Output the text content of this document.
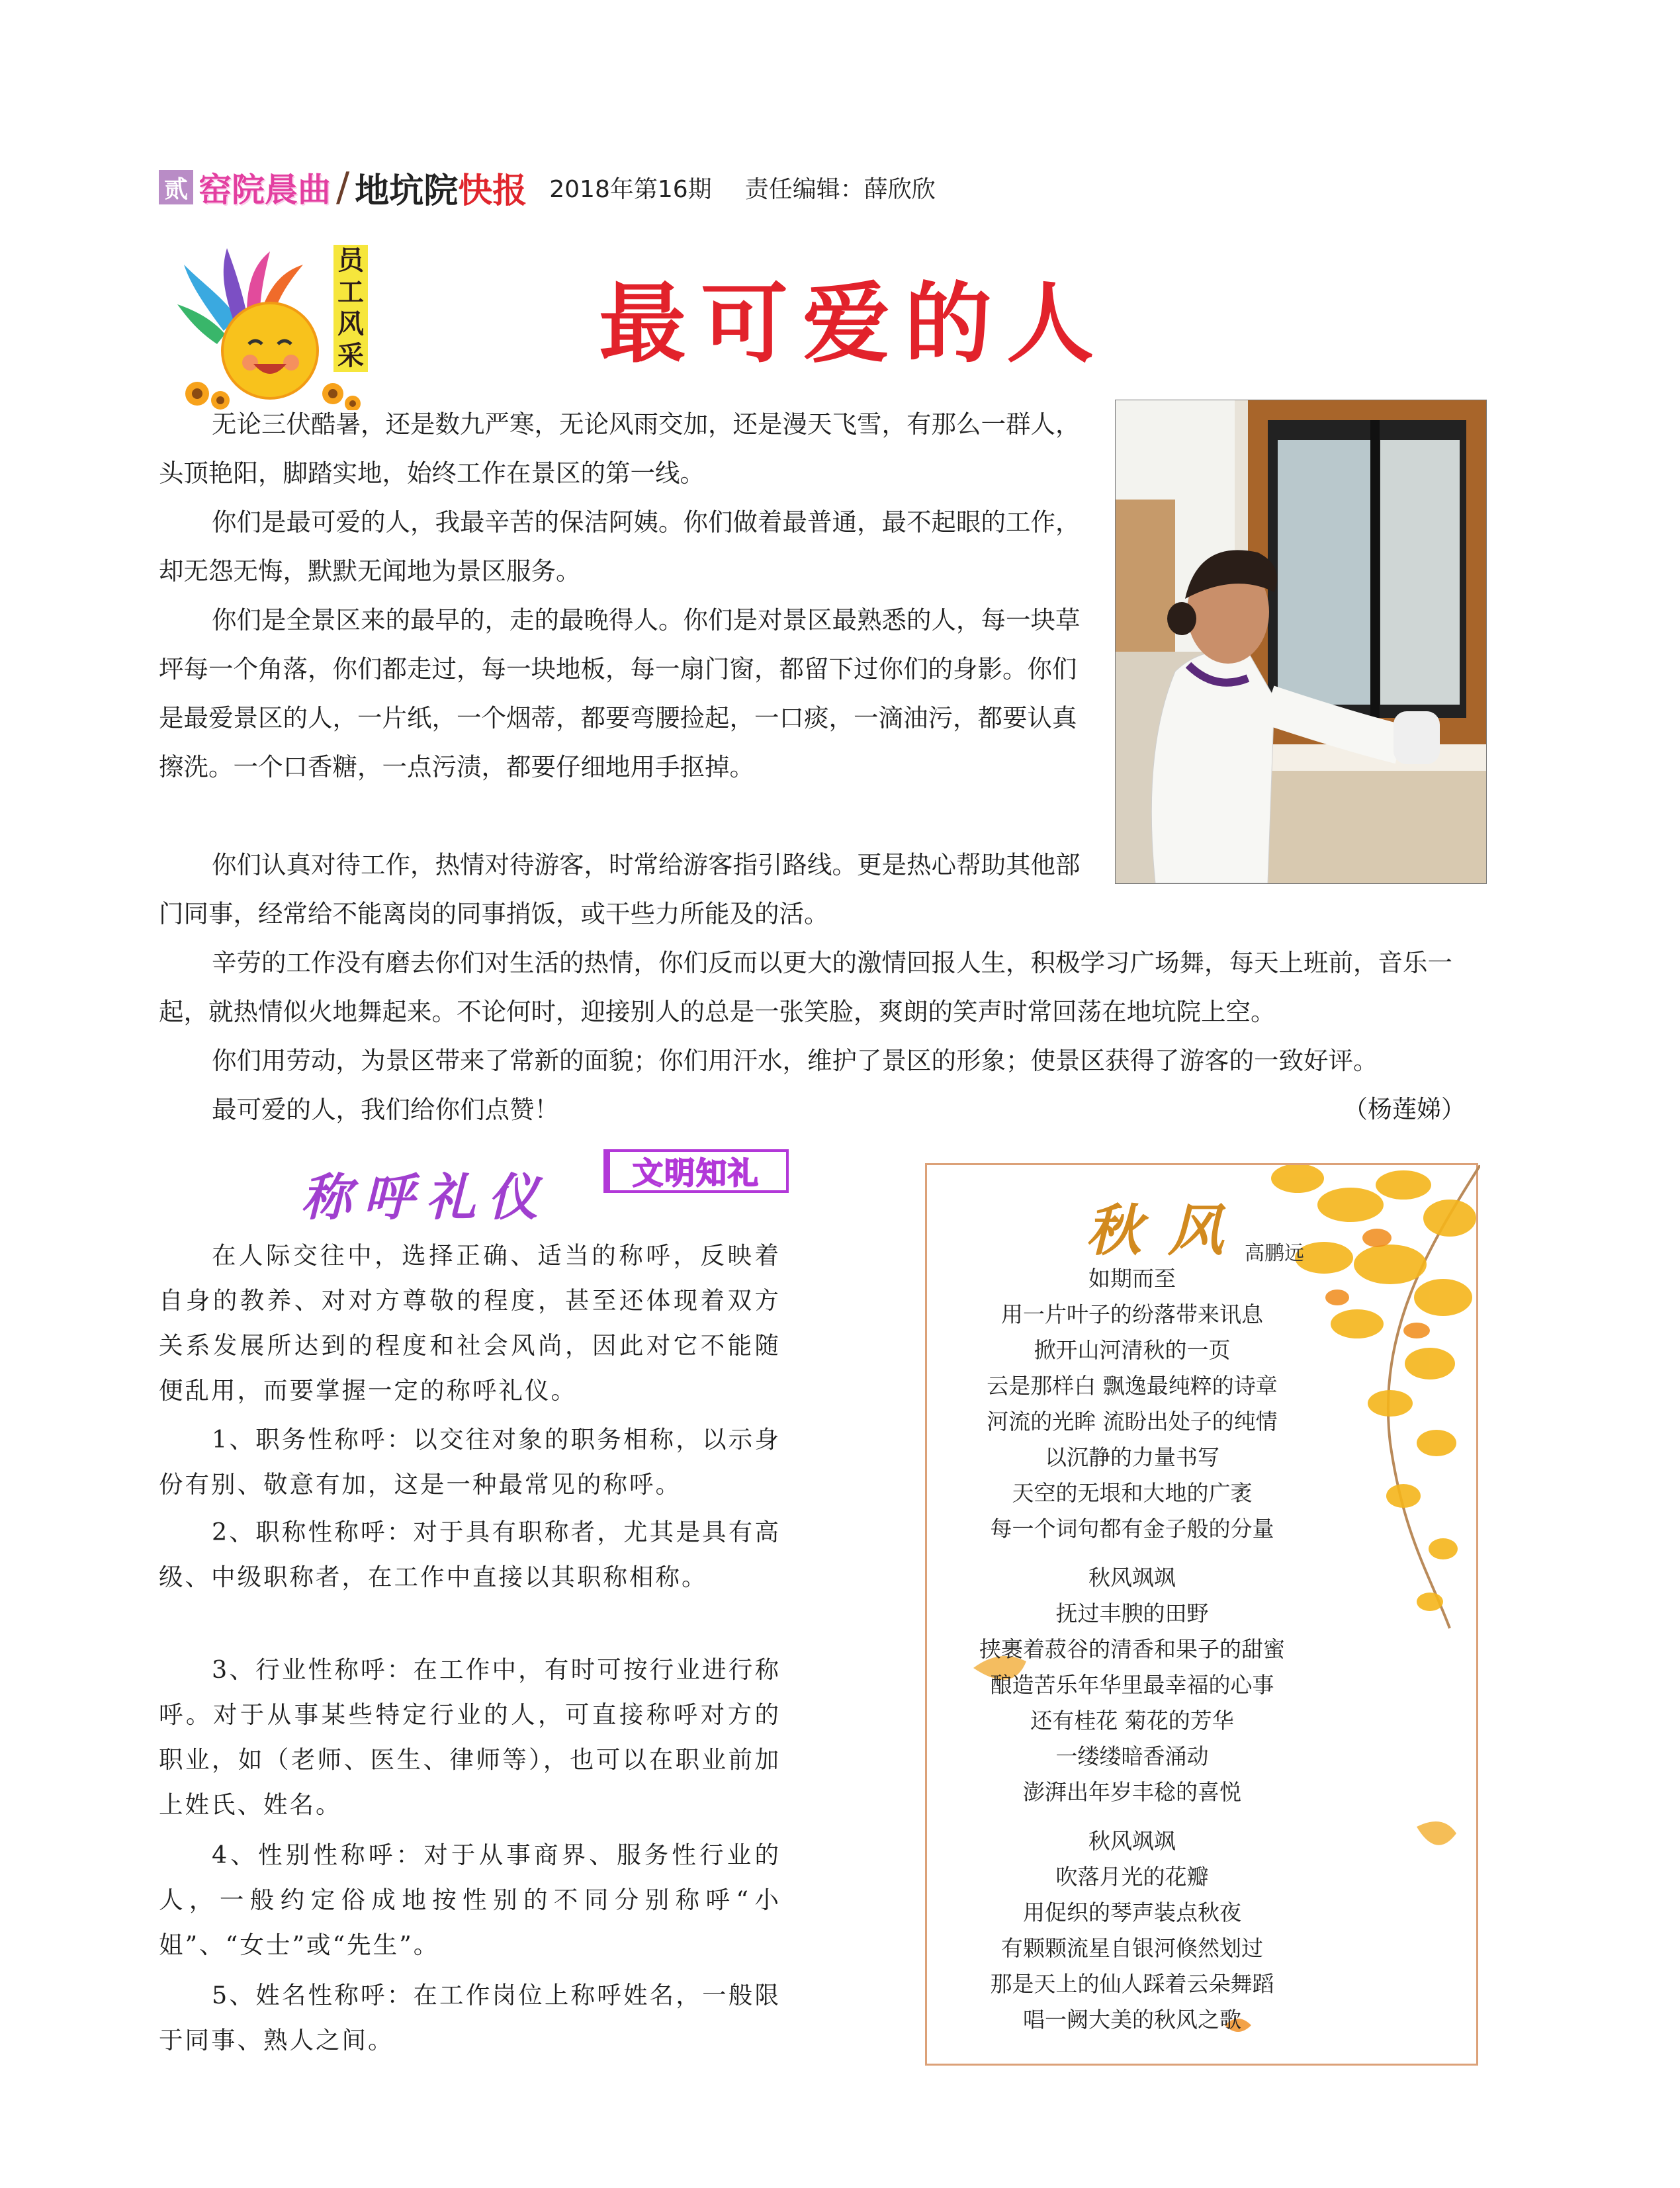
贰 窑院晨曲 / 地坑院快报 2018年第16期 责任编辑：薛欣欣
员工风采	最可爱的人

无论三伏酷暑，还是数九严寒，无论风雨交加，还是漫天飞雪，有那么一群人，头顶艳阳，脚踏实地，始终工作在景区的第一线。

你们是最可爱的人，我最辛苦的保洁阿姨。你们做着最普通，最不起眼的工作，却无怨无悔，默默无闻地为景区服务。

你们是全景区来的最早的，走的最晚得人。你们是对景区最熟悉的人，每一块草坪每一个角落，你们都走过，每一块地板，每一扇门窗，都留下过你们的身影。你们是最爱景区的人，一片纸，一个烟蒂，都要弯腰捡起，一口痰，一滴油污，都要认真擦洗。一个口香糖，一点污渍，都要仔细地用手抠掉。

你们认真对待工作，热情对待游客，时常给游客指引路线。更是热心帮助其他部门同事，经常给不能离岗的同事捎饭，或干些力所能及的活。

辛劳的工作没有磨去你们对生活的热情，你们反而以更大的激情回报人生，积极学习广场舞，每天上班前，音乐一起，就热情似火地舞起来。不论何时，迎接别人的总是一张笑脸，爽朗的笑声时常回荡在地坑院上空。

你们用劳动，为景区带来了常新的面貌；你们用汗水，维护了景区的形象；使景区获得了游客的一致好评。

最可爱的人，我们给你们点赞！	（杨莲娣）
称呼礼仪	文明知礼

在人际交往中，选择正确、适当的称呼，反映着自身的教养、对对方尊敬的程度，甚至还体现着双方关系发展所达到的程度和社会风尚，因此对它不能随便乱用，而要掌握一定的称呼礼仪。

1、职务性称呼：以交往对象的职务相称，以示身份有别、敬意有加，这是一种最常见的称呼。

2、职称性称呼：对于具有职称者，尤其是具有高级、中级职称者，在工作中直接以其职称相称。

3、行业性称呼：在工作中，有时可按行业进行称呼。对于从事某些特定行业的人，可直接称呼对方的职业，如（老师、医生、律师等），也可以在职业前加上姓氏、姓名。

4、性别性称呼：对于从事商界、服务性行业的人，一般约定俗成地按性别的不同分别称呼“小姐”、“女士”或“先生”。

5、姓名性称呼：在工作岗位上称呼姓名，一般限于同事、熟人之间。

秋风
高鹏远
如期而至
用一片叶子的纷落带来讯息
掀开山河清秋的一页
云是那样白 飘逸最纯粹的诗章
河流的光眸 流盼出处子的纯情
以沉静的力量书写
天空的无垠和大地的广袤
每一个词句都有金子般的分量
秋风飒飒
抚过丰腴的田野
挟裹着菽谷的清香和果子的甜蜜
酿造苦乐年华里最幸福的心事
还有桂花 菊花的芳华
一缕缕暗香涌动
澎湃出年岁丰稔的喜悦
秋风飒飒
吹落月光的花瓣
用促织的琴声装点秋夜
有颗颗流星自银河倏然划过
那是天上的仙人踩着云朵舞蹈
唱一阙大美的秋风之歌
